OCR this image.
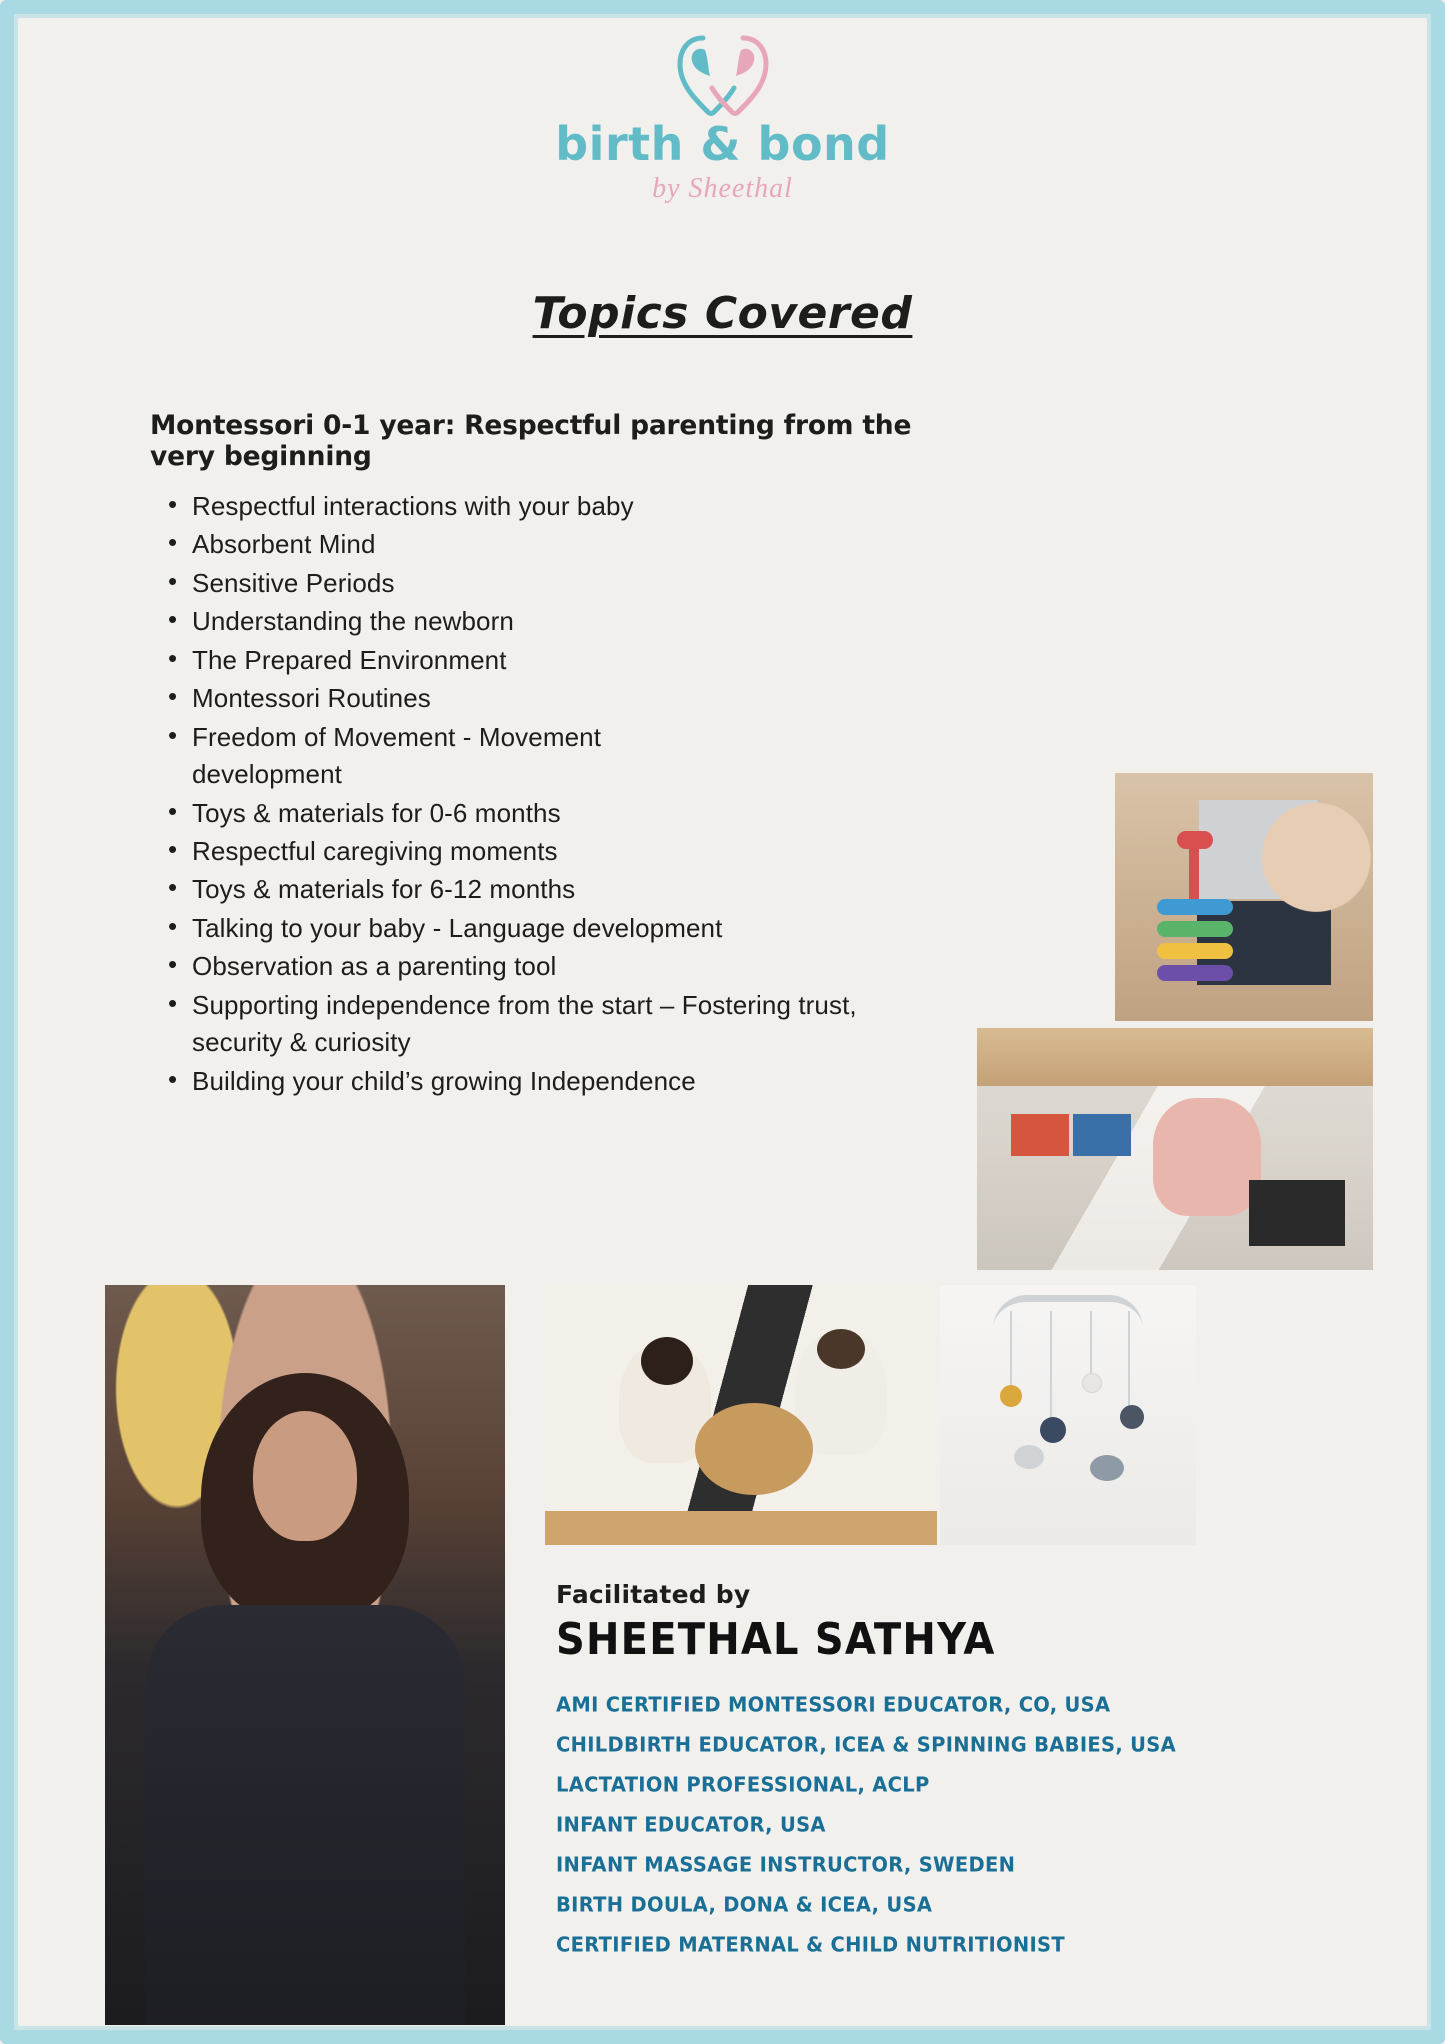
birth & bond
by Sheethal
Topics Covered
Montessori 0-1 year: Respectful parenting from the very beginning
• Respectful interactions with your baby
• Absorbent Mind
• Sensitive Periods
• Understanding the newborn
• The Prepared Environment
• Montessori Routines
• Freedom of Movement - Movement development
• Toys & materials for 0-6 months
• Respectful caregiving moments
• Toys & materials for 6-12 months
• Talking to your baby - Language development
• Observation as a parenting tool
• Supporting independence from the start – Fostering trust, security & curiosity
• Building your child’s growing Independence
Facilitated by
SHEETHAL SATHYA
AMI CERTIFIED MONTESSORI EDUCATOR, CO, USA
CHILDBIRTH EDUCATOR, ICEA & SPINNING BABIES, USA
LACTATION PROFESSIONAL, ACLP
INFANT EDUCATOR, USA
INFANT MASSAGE INSTRUCTOR, SWEDEN
BIRTH DOULA, DONA & ICEA, USA
CERTIFIED MATERNAL & CHILD NUTRITIONIST
